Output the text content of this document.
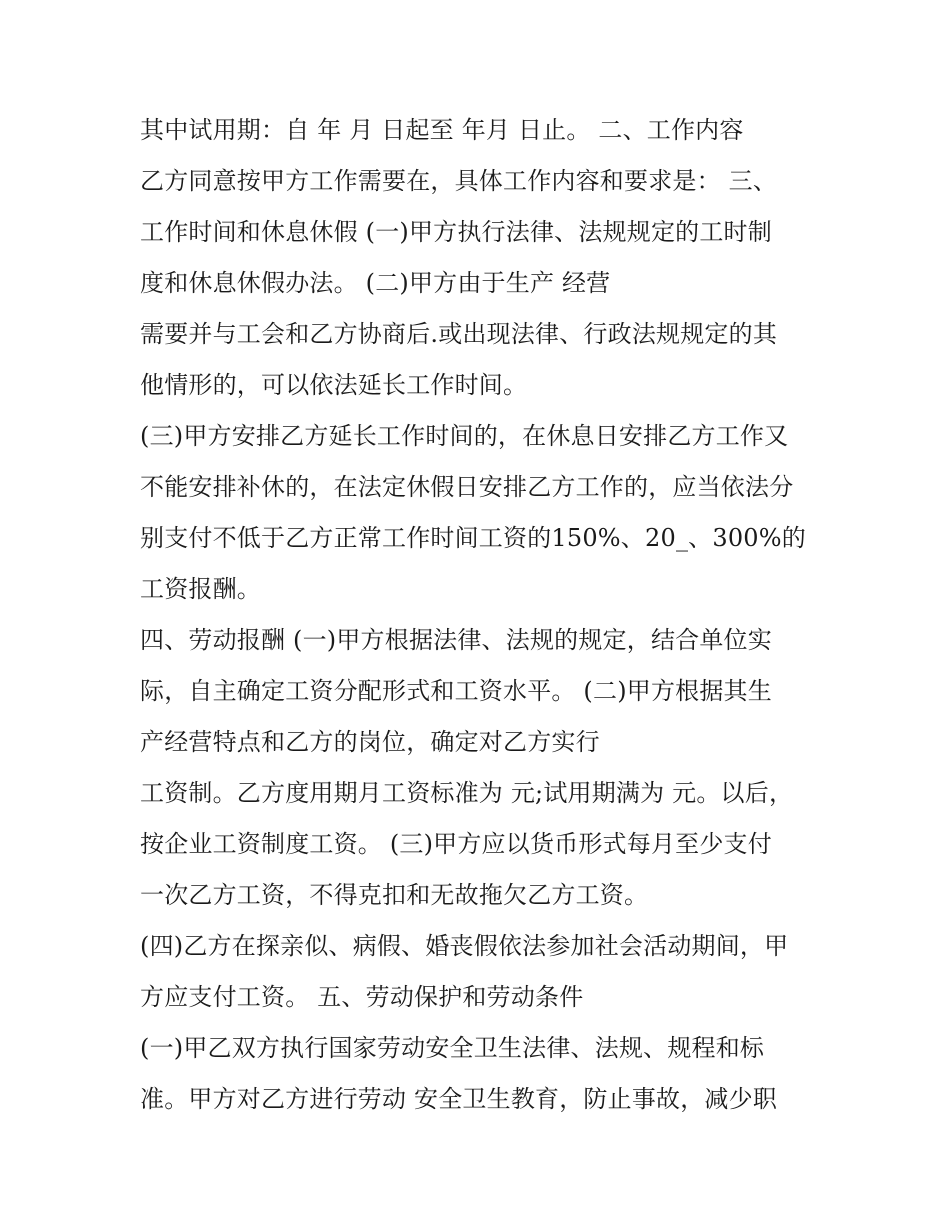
其中试用期：自 年 月 日起至 年月 日止。 二、工作内容
乙方同意按甲方工作需要在，具体工作内容和要求是： 三、
工作时间和休息休假 (一)甲方执行法律、法规规定的工时制
度和休息休假办法。 (二)甲方由于生产 经营
需要并与工会和乙方协商后.或出现法律、行政法规规定的其
他情形的，可以依法延长工作时间。
(三)甲方安排乙方延长工作时间的，在休息日安排乙方工作又
不能安排补休的，在法定休假日安排乙方工作的，应当依法分
别支付不低于乙方正常工作时间工资的150%、20_、300%的
工资报酬。
四、劳动报酬 (一)甲方根据法律、法规的规定，结合单位实
际，自主确定工资分配形式和工资水平。 (二)甲方根据其生
产经营特点和乙方的岗位，确定对乙方实行
工资制。乙方度用期月工资标准为 元;试用期满为 元。以后，
按企业工资制度工资。 (三)甲方应以货币形式每月至少支付
一次乙方工资，不得克扣和无故拖欠乙方工资。
(四)乙方在探亲似、病假、婚丧假依法参加社会活动期间，甲
方应支付工资。 五、劳动保护和劳动条件
(一)甲乙双方执行国家劳动安全卫生法律、法规、规程和标
准。甲方对乙方进行劳动 安全卫生教育，防止事故，减少职
